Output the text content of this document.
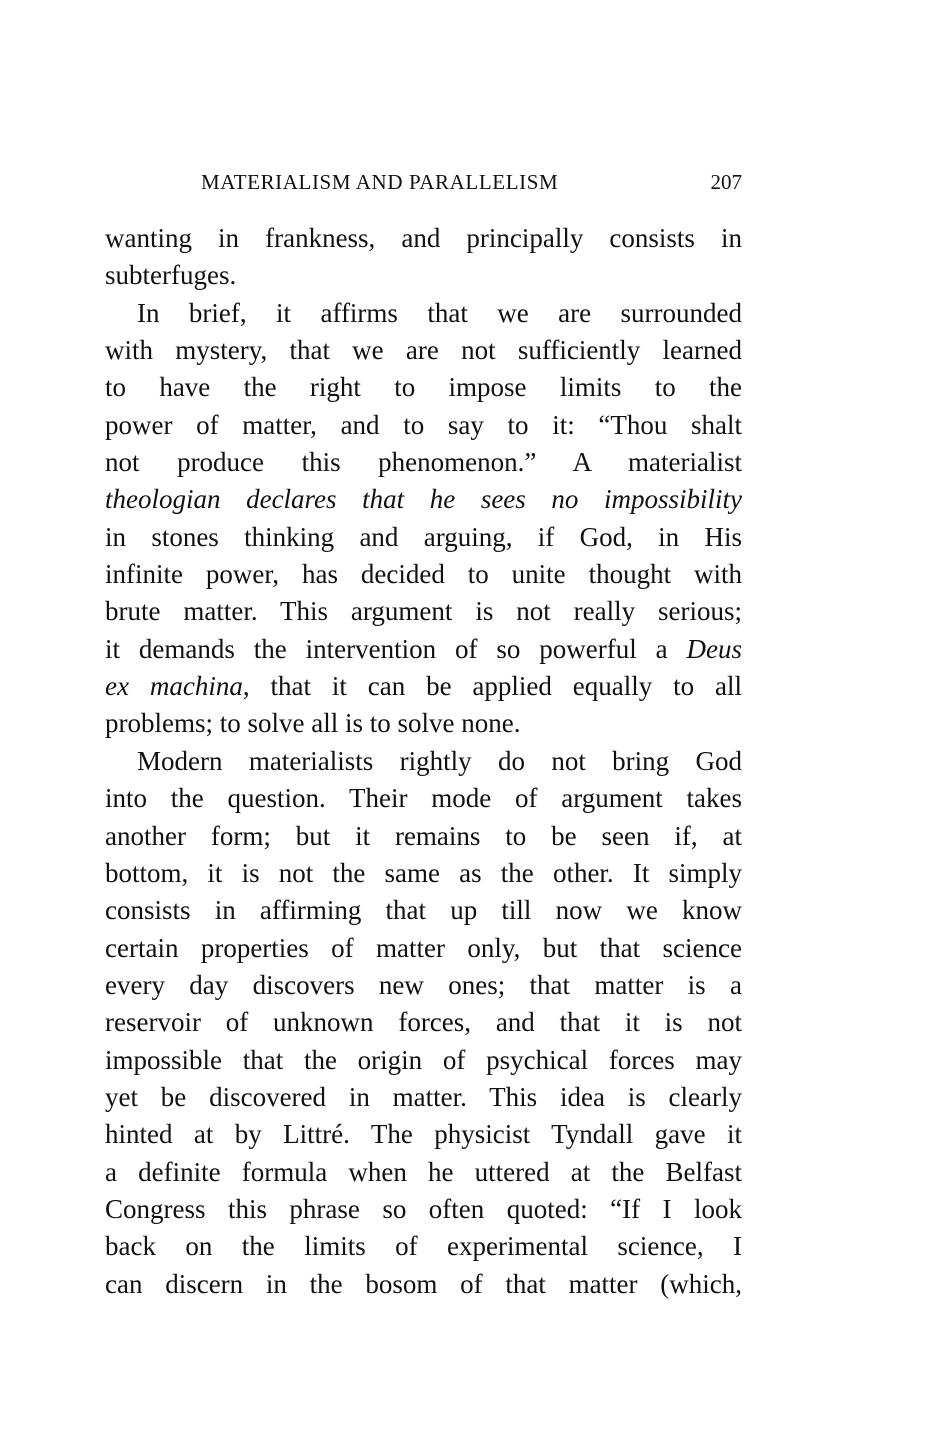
MATERIALISM AND PARALLELISM	207
wanting in frankness, and principally consists in
subterfuges.
In brief, it affirms that we are surrounded
with mystery, that we are not sufficiently learned
to have the right to impose limits to the
power of matter, and to say to it: “Thou shalt
not produce this phenomenon.” A materialist
theologian declares that he sees no impossibility
in stones thinking and arguing, if God, in His
infinite power, has decided to unite thought with
brute matter. This argument is not really serious;
it demands the intervention of so powerful a Deus
ex machina, that it can be applied equally to all
problems; to solve all is to solve none.
Modern materialists rightly do not bring God
into the question. Their mode of argument takes
another form; but it remains to be seen if, at
bottom, it is not the same as the other. It simply
consists in affirming that up till now we know
certain properties of matter only, but that science
every day discovers new ones; that matter is a
reservoir of unknown forces, and that it is not
impossible that the origin of psychical forces may
yet be discovered in matter. This idea is clearly
hinted at by Littré. The physicist Tyndall gave it
a definite formula when he uttered at the Belfast
Congress this phrase so often quoted: “If I look
back on the limits of experimental science, I
can discern in the bosom of that matter (which,
